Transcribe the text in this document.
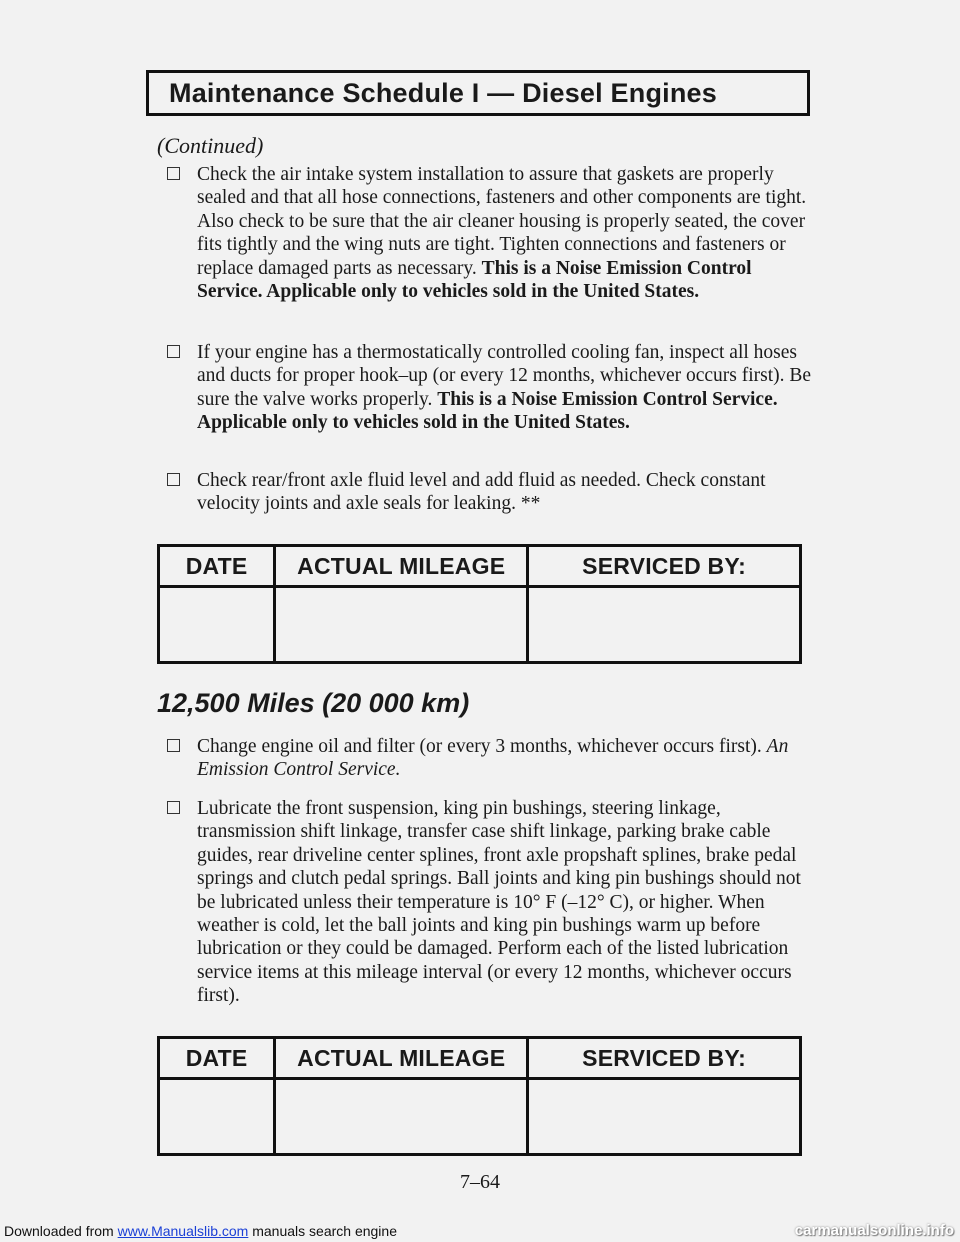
Maintenance Schedule I — Diesel Engines
(Continued)
Check the air intake system installation to assure that gaskets are properly sealed and that all hose connections, fasteners and other components are tight. Also check to be sure that the air cleaner housing is properly seated, the cover fits tightly and the wing nuts are tight. Tighten connections and fasteners or replace damaged parts as necessary. This is a Noise Emission Control Service. Applicable only to vehicles sold in the United States.
If your engine has a thermostatically controlled cooling fan, inspect all hoses and ducts for proper hook–up (or every 12 months, whichever occurs first). Be sure the valve works properly. This is a Noise Emission Control Service. Applicable only to vehicles sold in the United States.
Check rear/front axle fluid level and add fluid as needed. Check constant velocity joints and axle seals for leaking. **
DATE	ACTUAL MILEAGE	SERVICED BY:

12,500 Miles (20 000 km)
Change engine oil and filter (or every 3 months, whichever occurs first). An Emission Control Service.
Lubricate the front suspension, king pin bushings, steering linkage, transmission shift linkage, transfer case shift linkage, parking brake cable guides, rear driveline center splines, front axle propshaft splines, brake pedal springs and clutch pedal springs. Ball joints and king pin bushings should not be lubricated unless their temperature is 10° F (–12° C), or higher. When weather is cold, let the ball joints and king pin bushings warm up before lubrication or they could be damaged. Perform each of the listed lubrication service items at this mileage interval (or every 12 months, whichever occurs first).
DATE	ACTUAL MILEAGE	SERVICED BY:

7–64
Downloaded from www.Manualslib.com manuals search engine	carmanualsonline.info
